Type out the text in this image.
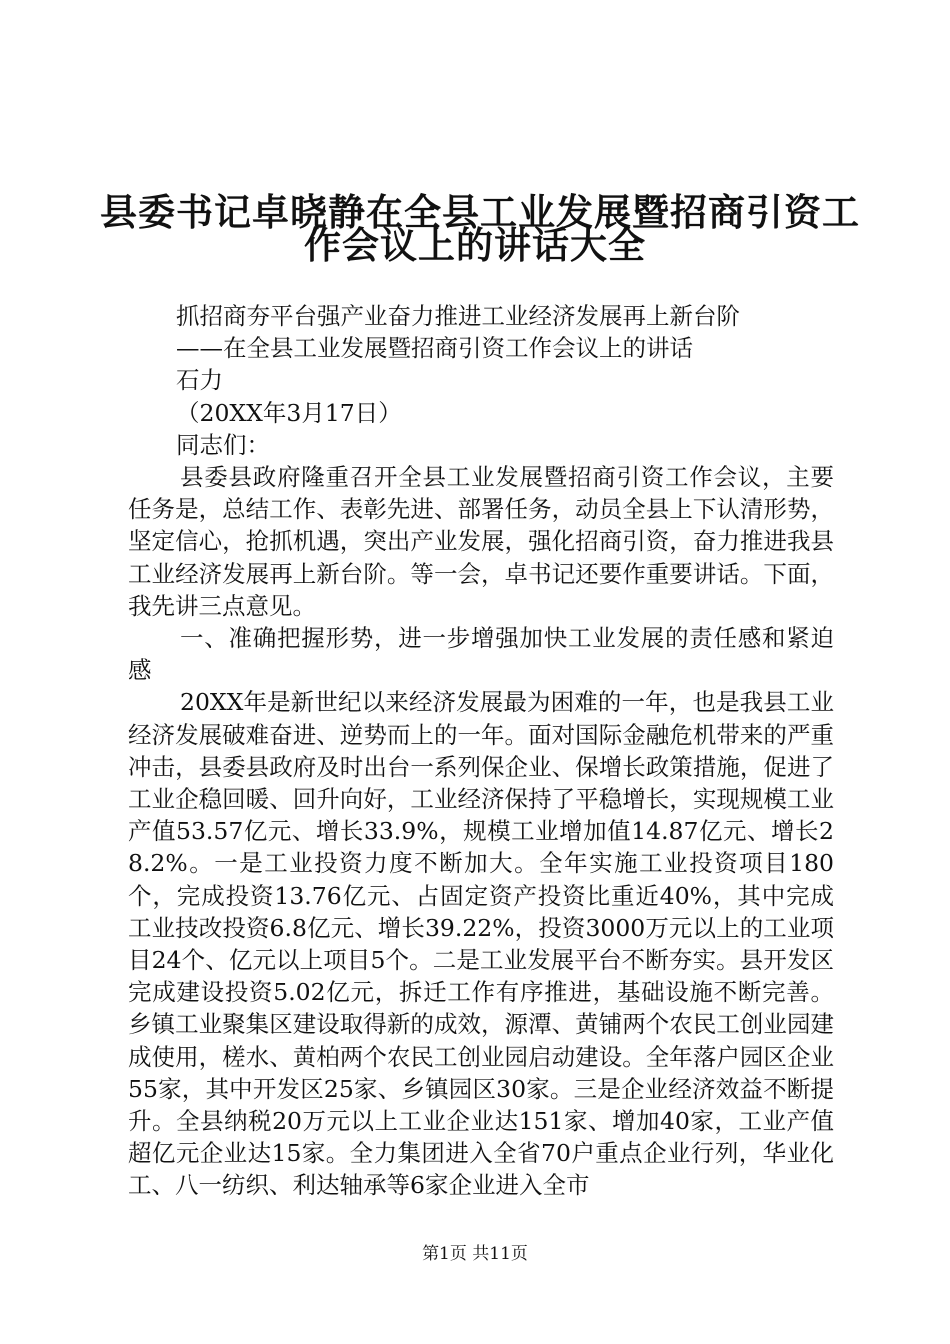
县委书记卓晓静在全县工业发展暨招商引资工
作会议上的讲话大全

抓招商夯平台强产业奋力推进工业经济发展再上新台阶

——在全县工业发展暨招商引资工作会议上的讲话

石力

（20XX年3月17日）

同志们：

县委县政府隆重召开全县工业发展暨招商引资工作会议，主要任务是，总结工作、表彰先进、部署任务，动员全县上下认清形势，坚定信心，抢抓机遇，突出产业发展，强化招商引资，奋力推进我县工业经济发展再上新台阶。等一会，卓书记还要作重要讲话。下面，我先讲三点意见。

一、准确把握形势，进一步增强加快工业发展的责任感和紧迫感

20XX年是新世纪以来经济发展最为困难的一年，也是我县工业经济发展破难奋进、逆势而上的一年。面对国际金融危机带来的严重冲击，县委县政府及时出台一系列保企业、保增长政策措施，促进了工业企稳回暖、回升向好，工业经济保持了平稳增长，实现规模工业产值53.57亿元、增长33.9%，规模工业增加值14.87亿元、增长28.2%。一是工业投资力度不断加大。全年实施工业投资项目180个，完成投资13.76亿元、占固定资产投资比重近40%，其中完成工业技改投资6.8亿元、增长39.22%，投资3000万元以上的工业项目24个、亿元以上项目5个。二是工业发展平台不断夯实。县开发区完成建设投资5.02亿元，拆迁工作有序推进，基础设施不断完善。乡镇工业聚集区建设取得新的成效，源潭、黄铺两个农民工创业园建成使用，槎水、黄柏两个农民工创业园启动建设。全年落户园区企业55家，其中开发区25家、乡镇园区30家。三是企业经济效益不断提升。全县纳税20万元以上工业企业达151家、增加40家，工业产值超亿元企业达15家。全力集团进入全省70户重点企业行列，华业化工、八一纺织、利达轴承等6家企业进入全市

第1页 共11页
